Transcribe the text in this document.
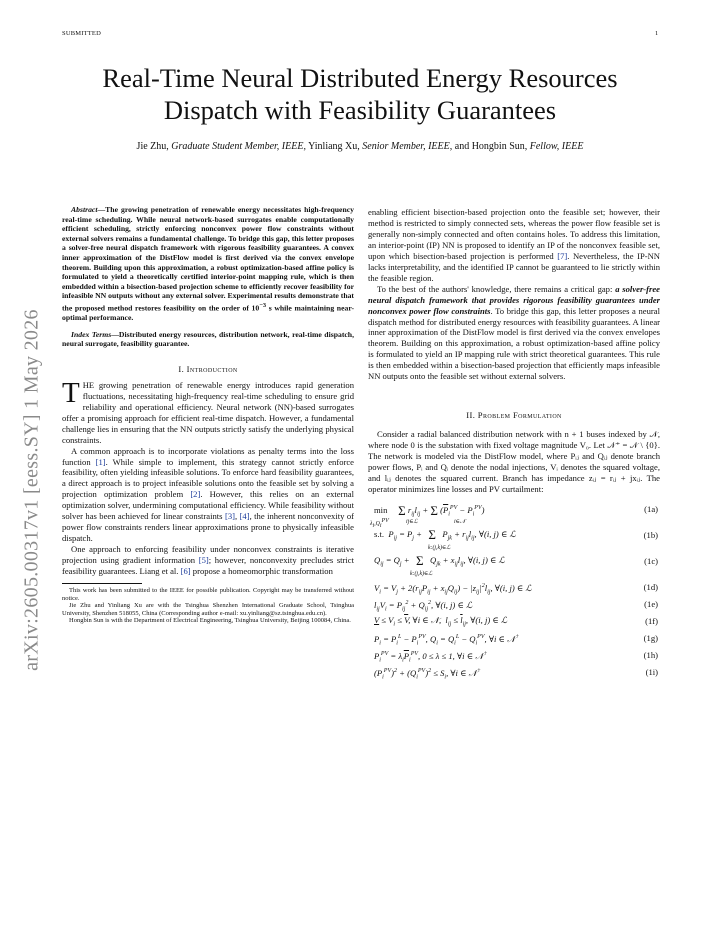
SUBMITTED	1
arXiv:2605.00317v1 [eess.SY] 1 May 2026
Real-Time Neural Distributed Energy Resources Dispatch with Feasibility Guarantees
Jie Zhu, Graduate Student Member, IEEE, Yinliang Xu, Senior Member, IEEE, and Hongbin Sun, Fellow, IEEE

Abstract—The growing penetration of renewable energy necessitates high-frequency real-time scheduling. While neural network-based surrogates enable computationally efficient scheduling, strictly enforcing nonconvex power flow constraints without external solvers remains a fundamental challenge. To bridge this gap, this letter proposes a solver-free neural dispatch framework with rigorous feasibility guarantees. A convex inner approximation of the DistFlow model is first derived via the convex envelope theorem. Building upon this approximation, a robust optimization-based affine policy is formulated to yield a theoretically certified interior-point mapping rule, which is then embedded within a bisection-based projection scheme to efficiently recover feasibility for infeasible NN outputs without any external solver. Experimental results demonstrate that the proposed method restores feasibility on the order of $10^{-3}$ s while maintaining near-optimal performance.

Index Terms—Distributed energy resources, distribution network, real-time dispatch, neural surrogate, feasibility guarantee.

I. Introduction

THE growing penetration of renewable energy introduces rapid generation fluctuations, necessitating high-frequency real-time scheduling to ensure grid reliability and operational efficiency. Neural network (NN)-based surrogates offer a promising approach for efficient real-time dispatch. However, a fundamental challenge lies in ensuring that the NN outputs strictly satisfy the underlying physical constraints.

A common approach is to incorporate violations as penalty terms into the loss function [1]. While simple to implement, this strategy cannot strictly enforce feasibility, often yielding infeasible solutions. To enforce hard feasibility guarantees, a direct approach is to project infeasible solutions onto the feasible set by solving a projection optimization problem [2]. However, this relies on an external optimization solver, undermining computational efficiency. While feasibility without solver has been achieved for linear constraints [3], [4], the inherent nonconvexity of power flow constraints renders linear approximations prone to physically infeasible dispatch.

One approach to enforcing feasibility under nonconvex constraints is iterative projection using gradient information [5]; however, nonconvexity precludes strict feasibility guarantees. Liang et al. [6] propose a homeomorphic transformation

This work has been submitted to the IEEE for possible publication. Copyright may be transferred without notice.

Jie Zhu and Yinliang Xu are with the Tsinghua Shenzhen International Graduate School, Tsinghua University, Shenzhen 518055, China (Corresponding author e-mail: xu.yinliang@sz.tsinghua.edu.cn).

Hongbin Sun is with the Department of Electrical Engineering, Tsinghua University, Beijing 100084, China.

enabling efficient bisection-based projection onto the feasible set; however, their method is restricted to simply connected sets, whereas the power flow feasible set is generally non-simply connected and often contains holes. To address this limitation, an interior-point (IP) NN is proposed to identify an IP of the nonconvex feasible set, upon which bisection-based projection is performed [7]. Nevertheless, the IP-NN lacks interpretability, and the identified IP cannot be guaranteed to lie strictly within the feasible region.

To the best of the authors' knowledge, there remains a critical gap: a solver-free neural dispatch framework that provides rigorous feasibility guarantees under nonconvex power flow constraints. To bridge this gap, this letter proposes a neural dispatch method for distributed energy resources with feasibility guarantees. A linear inner approximation of the DistFlow model is first derived via the convex envelopes theorem. Building on this approximation, a robust optimization-based affine policy is formulated to yield an IP mapping rule with strict theoretical guarantees. This rule is then embedded within a bisection-based projection that efficiently maps infeasible NN outputs onto the feasible set without external solvers.

II. Problem Formulation

Consider a radial balanced distribution network with n + 1 buses indexed by 𝒩, where node 0 is the substation with fixed voltage magnitude V₀. Let 𝒩⁺ = 𝒩 \ {0}. The network is modeled via the DistFlow model, where Pᵢⱼ and Qᵢⱼ denote branch power flows, Pᵢ and Qᵢ denote the nodal injections, Vᵢ denotes the squared voltage, and lᵢⱼ denotes the squared current. Branch has impedance zᵢⱼ = rᵢⱼ + jxᵢⱼ. The operator minimizes line losses and PV curtailment:

min Σ $r_{ij}l_{ij} + \Sigma$ $(\overline{P}_i^{PV} - P_i^{PV})$
$\lambda_i,Q_i^{PV}$	ij∈ℒ	i∈𝒩
(1a)
s.t.  $P_{ij} = P_j + \Sigma$   $P_{jk} + r_{ij}l_{ij}$, ∀(i, j) ∈ ℒ
k:(j,k)∈ℒ
(1b)
$Q_{ij} = Q_j + \Sigma$   $Q_{jk} + x_{ij}l_{ij}$, ∀(i, j) ∈ ℒ
k:(j,k)∈ℒ
(1c)
$V_i = V_j + 2(r_{ij}P_{ij} + x_{ij}Q_{ij}) - |z_{ij}|^2l_{ij}$, ∀(i, j) ∈ ℒ	(1d)
$l_{ij}V_i = P_{ij}^2 + Q_{ij}^2$, ∀(i, j) ∈ ℒ	(1e)
$V \le V_i \le \overline{V}$, ∀i ∈ 𝒩,  $l_{ij} \le \overline{l}_{ij}$, ∀(i, j) ∈ ℒ	(1f)
$P_i = P_i^L - P_i^{PV}$, $Q_i = Q_i^L - Q_i^{PV}$, ∀i ∈ 𝒩+	(1g)
$P_i^{PV} = \lambda_i\overline{P}_i^{PV}$, 0 ≤ λ ≤ 1, ∀i ∈ 𝒩+	(1h)
$(P_i^{PV})^2 + (Q_i^{PV})^2 \le S_i$, ∀i ∈ 𝒩+	(1i)
